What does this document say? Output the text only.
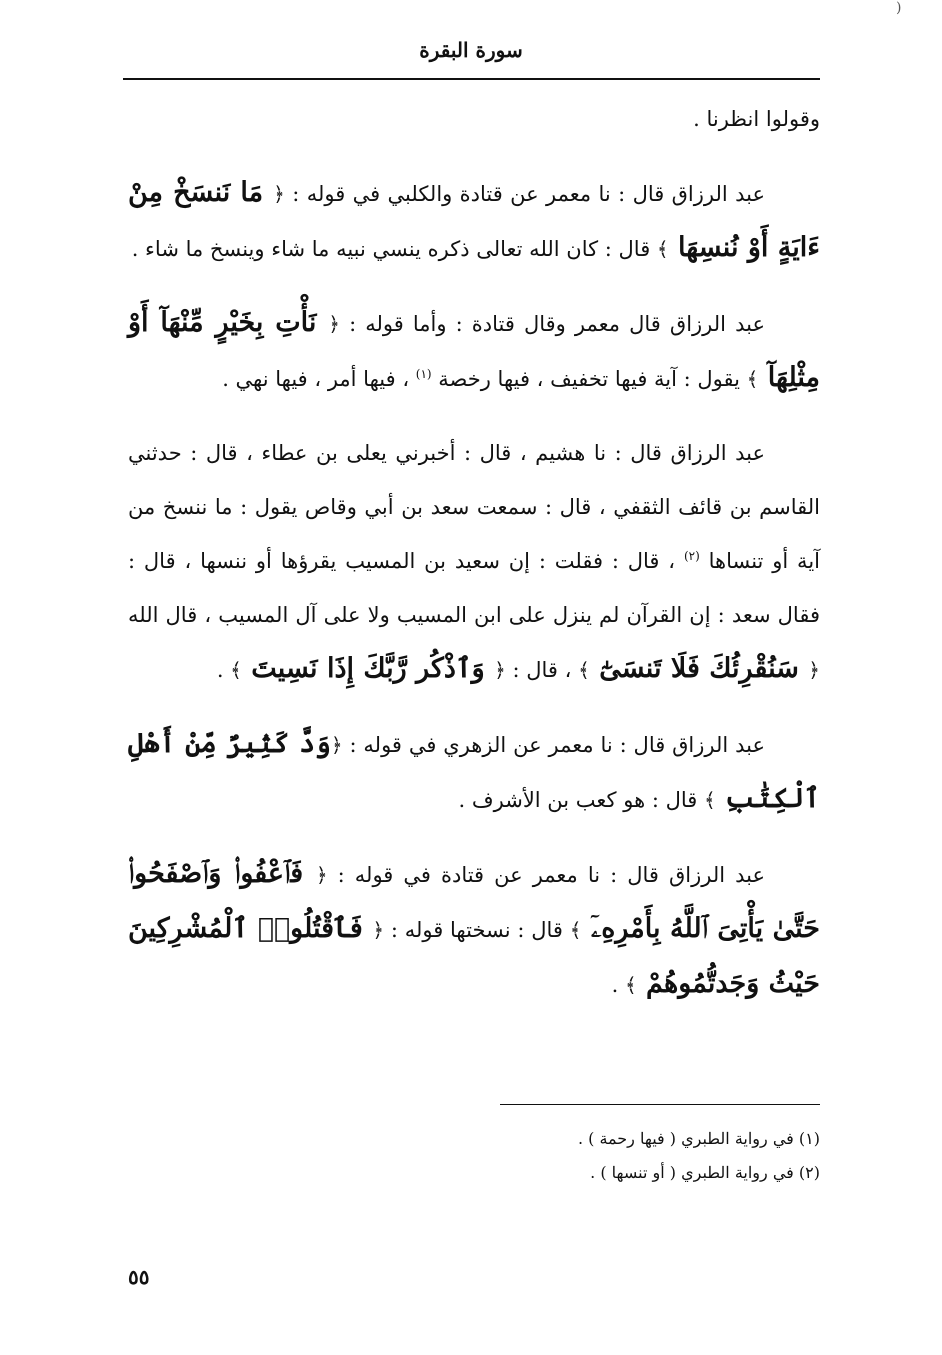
)
سورة البقرة

وقولوا انظرنا .

عبد الرزاق قال : نا معمر عن قتادة والكلبي في قوله : ﴿ مَا نَنسَخْ مِنْ ءَايَةٍ أَوْ نُنسِهَا ﴾ قال : كان الله تعالى ذكره ينسي نبيه ما شاء وينسخ ما شاء .

عبد الرزاق قال معمر وقال قتادة : وأما قوله : ﴿ نَأْتِ بِخَيْرٍ مِّنْهَآ أَوْ مِثْلِهَآ ﴾ يقول : آية فيها تخفيف ، فيها رخصة $^{(١)}$ ، فيها أمر ، فيها نهي .

عبد الرزاق قال : نا هشيم ، قال : أخبرني يعلى بن عطاء ، قال : حدثني القاسم بن قائف الثقفي ، قال : سمعت سعد بن أبي وقاص يقول : ما ننسخ من آية أو تنساها $^{(٢)}$ ، قال : فقلت : إن سعيد بن المسيب يقرؤها أو ننسها ، قال : فقال سعد : إن القرآن لم ينزل على ابن المسيب ولا على آل المسيب ، قال الله ﴿ سَنُقْرِئُكَ فَلَا تَنسَىٰٓ ﴾ ، قال : ﴿ وَٱذْكُر رَّبَّكَ إِذَا نَسِيتَ ﴾ .

عبد الرزاق قال : نا معمر عن الزهري في قوله : ﴿وَدَّ كَثِيرٌ مِّنْ أَهْلِ ٱلْكِتَٰبِ ﴾ قال : هو كعب بن الأشرف .

عبد الرزاق قال : نا معمر عن قتادة في قوله : ﴿ فَٱعْفُوا۟ وَٱصْفَحُوا۟ حَتَّىٰ يَأْتِىَ ٱللَّهُ بِأَمْرِهِۦٓ ﴾ قال : نسختها قوله : ﴿ فَٱقْتُلُوا۟ ٱلْمُشْرِكِينَ حَيْثُ وَجَدتُّمُوهُمْ ﴾ .

(١) في رواية الطبري ( فيها رحمة ) .

(٢) في رواية الطبري ( أو تنسها ) .

٥٥
